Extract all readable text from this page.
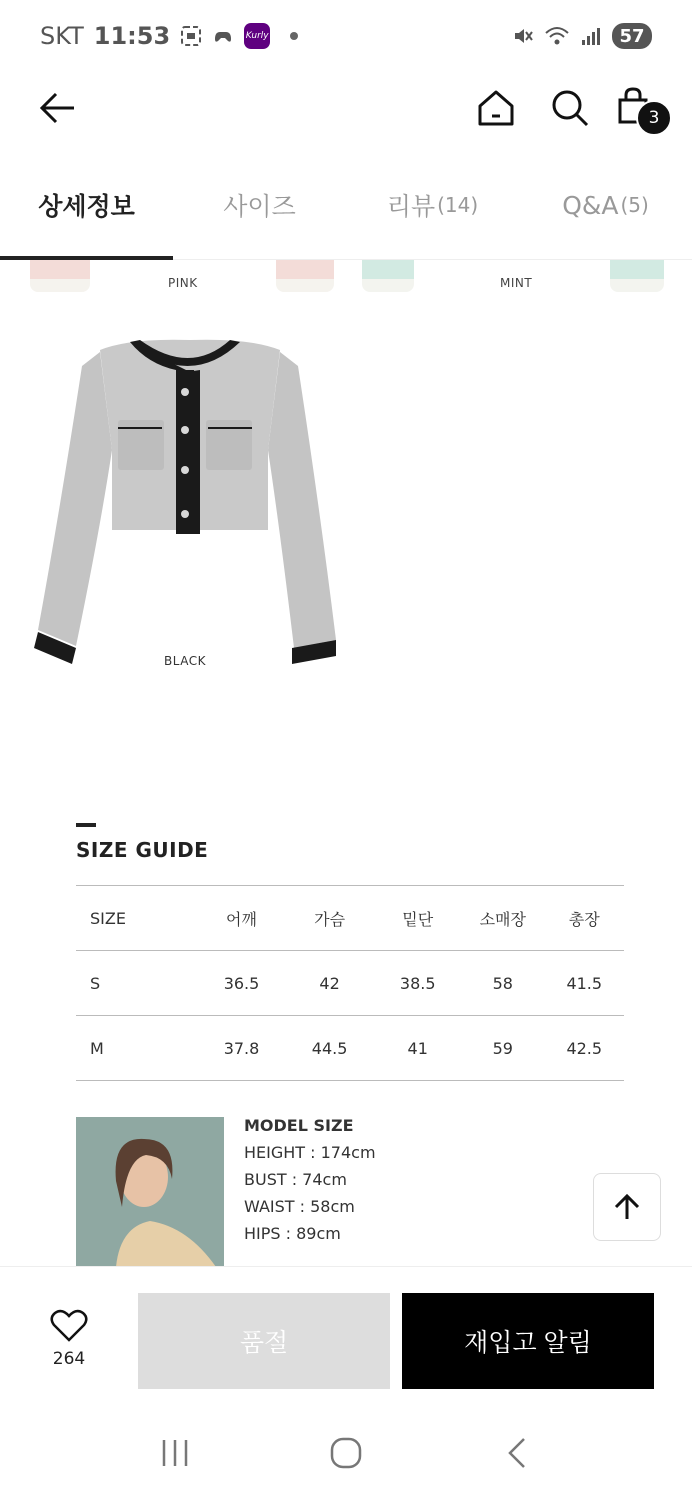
SKT 11:53	Kurly	57
3
상세정보	사이즈	리뷰 (14)	Q&A (5)
PINK	MINT
BLACK
SIZE GUIDE
SIZE	어깨	가슴	밑단	소매장	총장
S	36.5	42	38.5	58	41.5
M	37.8	44.5	41	59	42.5
MODEL SIZE
HEIGHT : 174cm
BUST : 74cm
WAIST : 58cm
HIPS : 89cm
264
품절	재입고 알림
